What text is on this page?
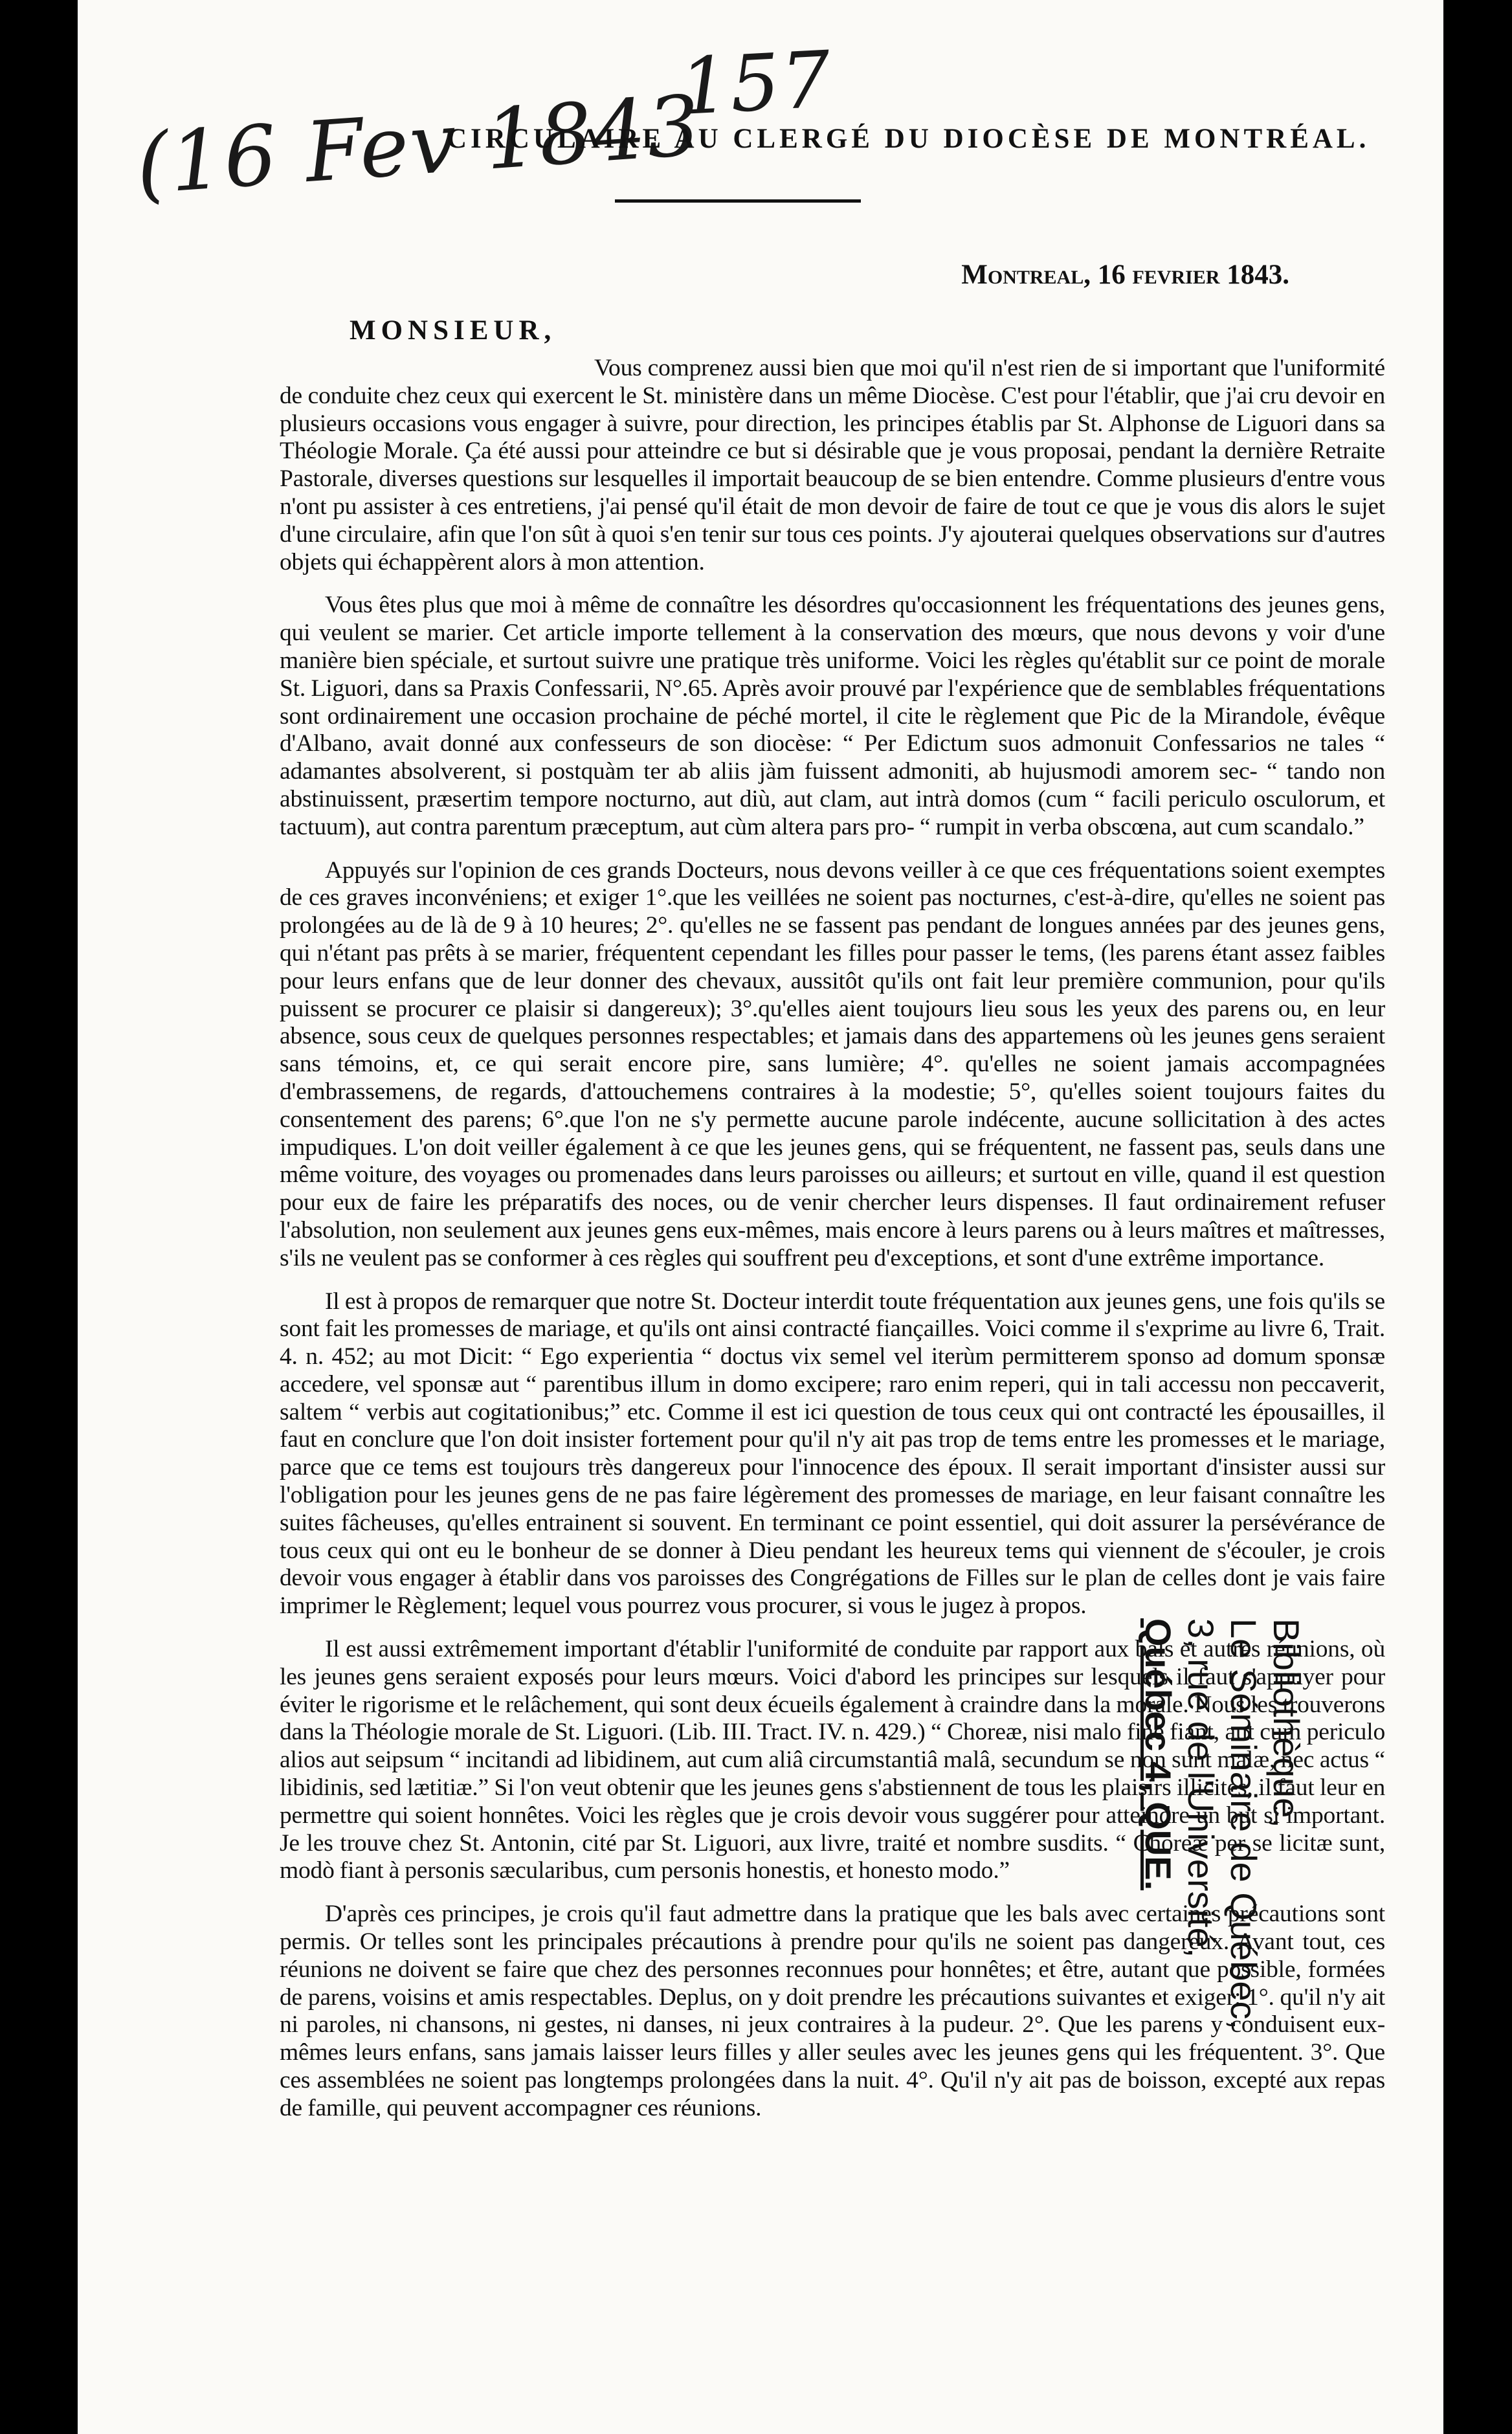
(16 Fev 1843
157
CIRCULAIRE AU CLERGÉ DU DIOCÈSE DE MONTRÉAL.
Montreal, 16 fevrier 1843.
MONSIEUR,

Vous comprenez aussi bien que moi qu'il n'est rien de si important que l'uniformité de conduite chez ceux qui exercent le St. ministère dans un même Diocèse. C'est pour l'établir, que j'ai cru devoir en plusieurs occasions vous engager à suivre, pour direction, les principes établis par St. Alphonse de Liguori dans sa Théologie Morale. Ça été aussi pour atteindre ce but si désirable que je vous proposai, pendant la dernière Retraite Pastorale, diverses questions sur lesquelles il importait beaucoup de se bien entendre. Comme plusieurs d'entre vous n'ont pu assister à ces entretiens, j'ai pensé qu'il était de mon devoir de faire de tout ce que je vous dis alors le sujet d'une circulaire, afin que l'on sût à quoi s'en tenir sur tous ces points. J'y ajouterai quelques observations sur d'autres objets qui échappèrent alors à mon attention.

Vous êtes plus que moi à même de connaître les désordres qu'occasionnent les fréquentations des jeunes gens, qui veulent se marier. Cet article importe tellement à la conservation des mœurs, que nous devons y voir d'une manière bien spéciale, et surtout suivre une pratique très uniforme. Voici les règles qu'établit sur ce point de morale St. Liguori, dans sa Praxis Confessarii, N°.65. Après avoir prouvé par l'expérience que de semblables fréquentations sont ordinairement une occasion prochaine de péché mortel, il cite le règlement que Pic de la Mirandole, évêque d'Albano, avait donné aux confesseurs de son diocèse: “ Per Edictum suos admonuit Confessarios ne tales “ adamantes absolverent, si postquàm ter ab aliis jàm fuissent admoniti, ab hujusmodi amorem sec- “ tando non abstinuissent, præsertim tempore nocturno, aut diù, aut clam, aut intrà domos (cum “ facili periculo osculorum, et tactuum), aut contra parentum præceptum, aut cùm altera pars pro- “ rumpit in verba obscœna, aut cum scandalo.”

Appuyés sur l'opinion de ces grands Docteurs, nous devons veiller à ce que ces fréquentations soient exemptes de ces graves inconvéniens; et exiger 1°.que les veillées ne soient pas nocturnes, c'est-à-dire, qu'elles ne soient pas prolongées au de là de 9 à 10 heures; 2°. qu'elles ne se fassent pas pendant de longues années par des jeunes gens, qui n'étant pas prêts à se marier, fréquentent cependant les filles pour passer le tems, (les parens étant assez faibles pour leurs enfans que de leur donner des chevaux, aussitôt qu'ils ont fait leur première communion, pour qu'ils puissent se procurer ce plaisir si dangereux); 3°.qu'elles aient toujours lieu sous les yeux des parens ou, en leur absence, sous ceux de quelques personnes respectables; et jamais dans des appartemens où les jeunes gens seraient sans témoins, et, ce qui serait encore pire, sans lumière; 4°. qu'elles ne soient jamais accompagnées d'embrassemens, de regards, d'attouchemens contraires à la modestie; 5°, qu'elles soient toujours faites du consentement des parens; 6°.que l'on ne s'y permette aucune parole indécente, aucune sollicitation à des actes impudiques. L'on doit veiller également à ce que les jeunes gens, qui se fréquentent, ne fassent pas, seuls dans une même voiture, des voyages ou promenades dans leurs paroisses ou ailleurs; et surtout en ville, quand il est question pour eux de faire les préparatifs des noces, ou de venir chercher leurs dispenses. Il faut ordinairement refuser l'absolution, non seulement aux jeunes gens eux-mêmes, mais encore à leurs parens ou à leurs maîtres et maîtresses, s'ils ne veulent pas se conformer à ces règles qui souffrent peu d'exceptions, et sont d'une extrême importance.

Il est à propos de remarquer que notre St. Docteur interdit toute fréquentation aux jeunes gens, une fois qu'ils se sont fait les promesses de mariage, et qu'ils ont ainsi contracté fiançailles. Voici comme il s'exprime au livre 6, Trait. 4. n. 452; au mot Dicit: “ Ego experientia “ doctus vix semel vel iterùm permitterem sponso ad domum sponsæ accedere, vel sponsæ aut “ parentibus illum in domo excipere; raro enim reperi, qui in tali accessu non peccaverit, saltem “ verbis aut cogitationibus;” etc. Comme il est ici question de tous ceux qui ont contracté les épousailles, il faut en conclure que l'on doit insister fortement pour qu'il n'y ait pas trop de tems entre les promesses et le mariage, parce que ce tems est toujours très dangereux pour l'innocence des époux. Il serait important d'insister aussi sur l'obligation pour les jeunes gens de ne pas faire légèrement des promesses de mariage, en leur faisant connaître les suites fâcheuses, qu'elles entrainent si souvent. En terminant ce point essentiel, qui doit assurer la persévérance de tous ceux qui ont eu le bonheur de se donner à Dieu pendant les heureux tems qui viennent de s'écouler, je crois devoir vous engager à établir dans vos paroisses des Congrégations de Filles sur le plan de celles dont je vais faire imprimer le Règlement; lequel vous pourrez vous procurer, si vous le jugez à propos.

Il est aussi extrêmement important d'établir l'uniformité de conduite par rapport aux bals et autres réunions, où les jeunes gens seraient exposés pour leurs mœurs. Voici d'abord les principes sur lesquels il faut s'appuyer pour éviter le rigorisme et le relâchement, qui sont deux écueils également à craindre dans la morale. Nous les trouverons dans la Théologie morale de St. Liguori. (Lib. III. Tract. IV. n. 429.) “ Choreæ, nisi malo fine fiant, aut cum periculo alios aut seipsum “ incitandi ad libidinem, aut cum aliâ circumstantiâ malâ, secundum se non sunt malæ, nec actus “ libidinis, sed lætitiæ.” Si l'on veut obtenir que les jeunes gens s'abstiennent de tous les plaisirs illicites, il faut leur en permettre qui soient honnêtes. Voici les règles que je crois devoir vous suggérer pour atteindre un but si important. Je les trouve chez St. Antonin, cité par St. Liguori, aux livre, traité et nombre susdits. “ Choreæ per se licitæ sunt, modò fiant à personis sæcularibus, cum personis honestis, et honesto modo.”

D'après ces principes, je crois qu'il faut admettre dans la pratique que les bals avec certaines précautions sont permis. Or telles sont les principales précautions à prendre pour qu'ils ne soient pas dangereux. Avant tout, ces réunions ne doivent se faire que chez des personnes reconnues pour honnêtes; et être, autant que possible, formées de parens, voisins et amis respectables. Deplus, on y doit prendre les précautions suivantes et exiger: 1°. qu'il n'y ait ni paroles, ni chansons, ni gestes, ni danses, ni jeux contraires à la pudeur. 2°. Que les parens y conduisent eux-mêmes leurs enfans, sans jamais laisser leurs filles y aller seules avec les jeunes gens qui les fréquentent. 3°. Que ces assemblées ne soient pas longtemps prolongées dans la nuit. 4°. Qu'il n'y ait pas de boisson, excepté aux repas de famille, qui peuvent accompagner ces réunions.

Bibliothèque,
Le Séminaire de Québec,
3, rue de l'Université,
Québec 4, QUE.
